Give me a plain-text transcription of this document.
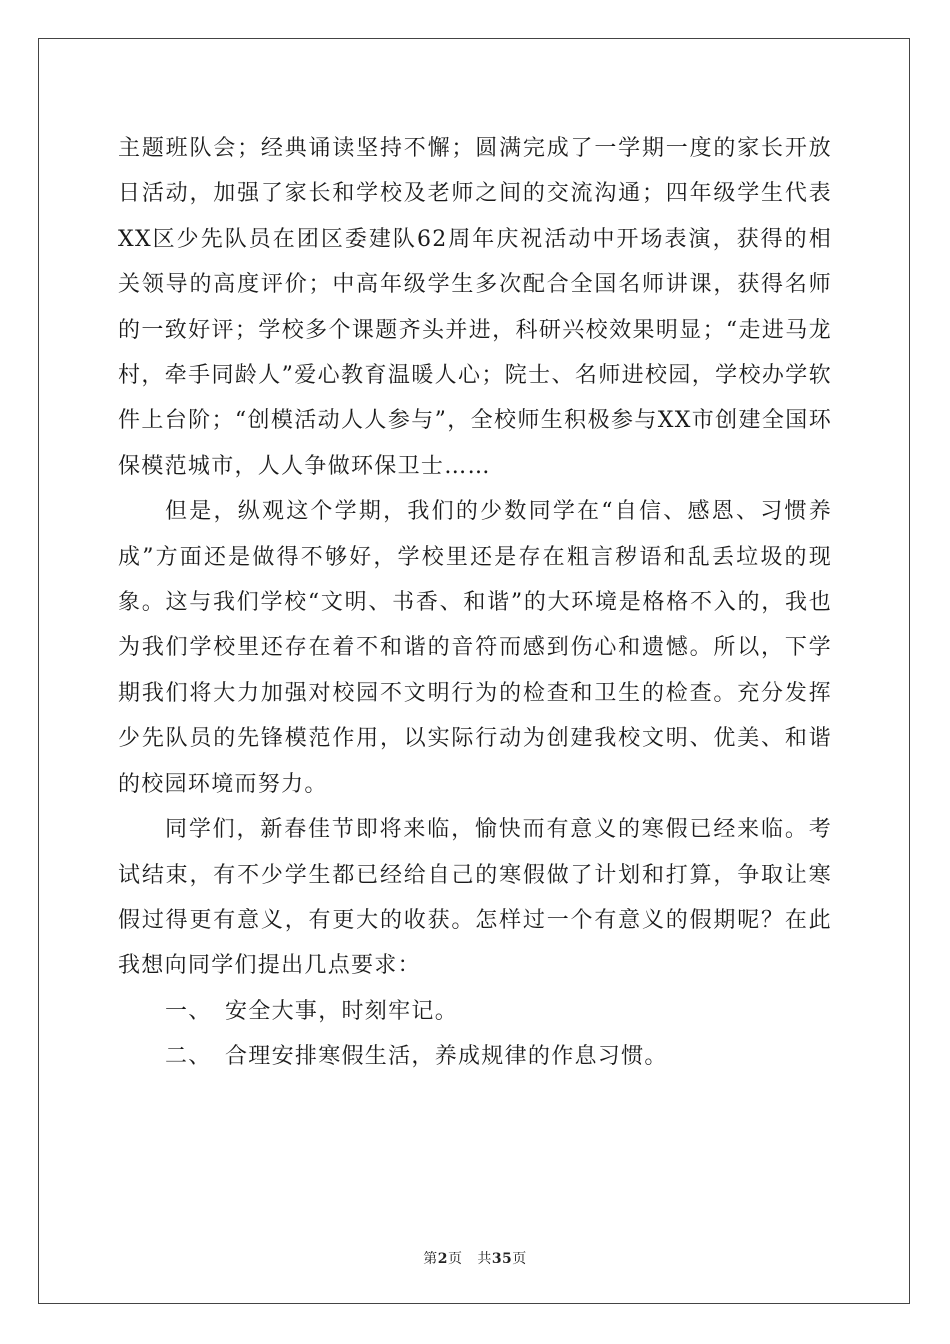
主题班队会；经典诵读坚持不懈；圆满完成了一学期一度的家长开放日活动，加强了家长和学校及老师之间的交流沟通；四年级学生代表XX区少先队员在团区委建队62周年庆祝活动中开场表演，获得的相关领导的高度评价；中高年级学生多次配合全国名师讲课，获得名师的一致好评；学校多个课题齐头并进，科研兴校效果明显；“走进马龙村，牵手同龄人”爱心教育温暖人心；院士、名师进校园，学校办学软件上台阶；“创模活动人人参与”，全校师生积极参与XX市创建全国环保模范城市，人人争做环保卫士……

但是，纵观这个学期，我们的少数同学在“自信、感恩、习惯养成”方面还是做得不够好，学校里还是存在粗言秽语和乱丢垃圾的现象。这与我们学校“文明、书香、和谐”的大环境是格格不入的，我也为我们学校里还存在着不和谐的音符而感到伤心和遗憾。所以，下学期我们将大力加强对校园不文明行为的检查和卫生的检查。充分发挥少先队员的先锋模范作用，以实际行动为创建我校文明、优美、和谐的校园环境而努力。

同学们，新春佳节即将来临，愉快而有意义的寒假已经来临。考试结束，有不少学生都已经给自己的寒假做了计划和打算，争取让寒假过得更有意义，有更大的收获。怎样过一个有意义的假期呢？在此我想向同学们提出几点要求：

一、 安全大事，时刻牢记。

二、 合理安排寒假生活，养成规律的作息习惯。

第2页 共35页
